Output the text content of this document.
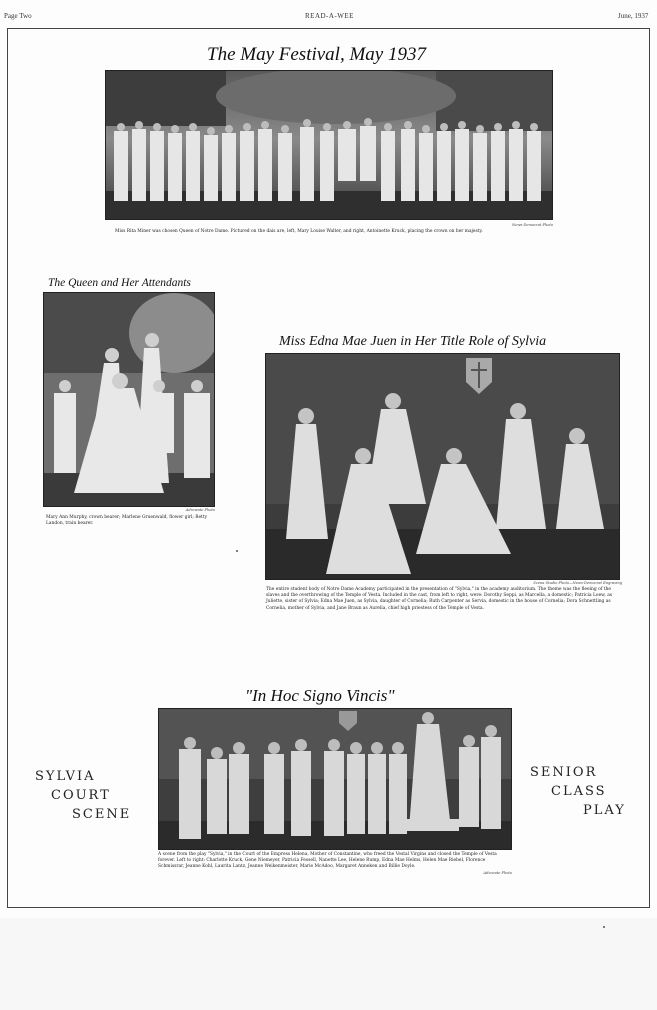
Page Two	READ-A-WEE	June, 1937
The May Festival, May 1937
News-Democrat Photo
Miss Rita Miner was chosen Queen of Notre Dame. Pictured on the dais are, left, Mary Louise Walter, and right, Antoinette Kruck, placing the crown on her majesty.
The Queen and Her Attendants
Adrowate Photo
Mary Ann Murphy, crown bearer; Marlene Gruenwald, flower girl; Betty Landon, train bearer.
Miss Edna Mae Juen in Her Title Role of Sylvia
Scena Studio Photo—News-Democrat Engraving
The entire student body of Notre Dame Academy participated in the presentation of "Sylvia," in the academy auditorium. The theme was the fleeing of the slaves and the overthrowing of the Temple of Vesta. Included in the cast, from left to right, were: Dorothy Seppi, as Marcella, a domestic; Patricia Loew, as Juliette, sister of Sylvia; Edna Mae Juen, as Sylvia, daughter of Cornelia; Ruth Carpenter as Servia, domestic in the house of Cornelia; Dora Schnettling as Cornelia, mother of Sylvia, and Jane Braun as Aurelia, chief high priestess of the Temple of Vesta.
"In Hoc Signo Vincis"
SYLVIA
COURT
SCENE
SENIOR
CLASS
PLAY
Advocate Photo
A scene from the play "Sylvia," in the Court of the Empress Helena, Mother of Constantine, who freed the Vestal Virgins and closed the Temple of Vesta forever. Left to right: Charlotte Kruck, Gene Niemeyer, Patricia Fessell, Nanette Lee, Helene Rump, Edna Mae Helms, Helen Mae Riebel, Florence Schmissrar, Jeanne Kohl, Laurita Lantz, Jeanne Weikenmeister, Marie McAdoo, Margaret Anneken and Billie Doyle.
